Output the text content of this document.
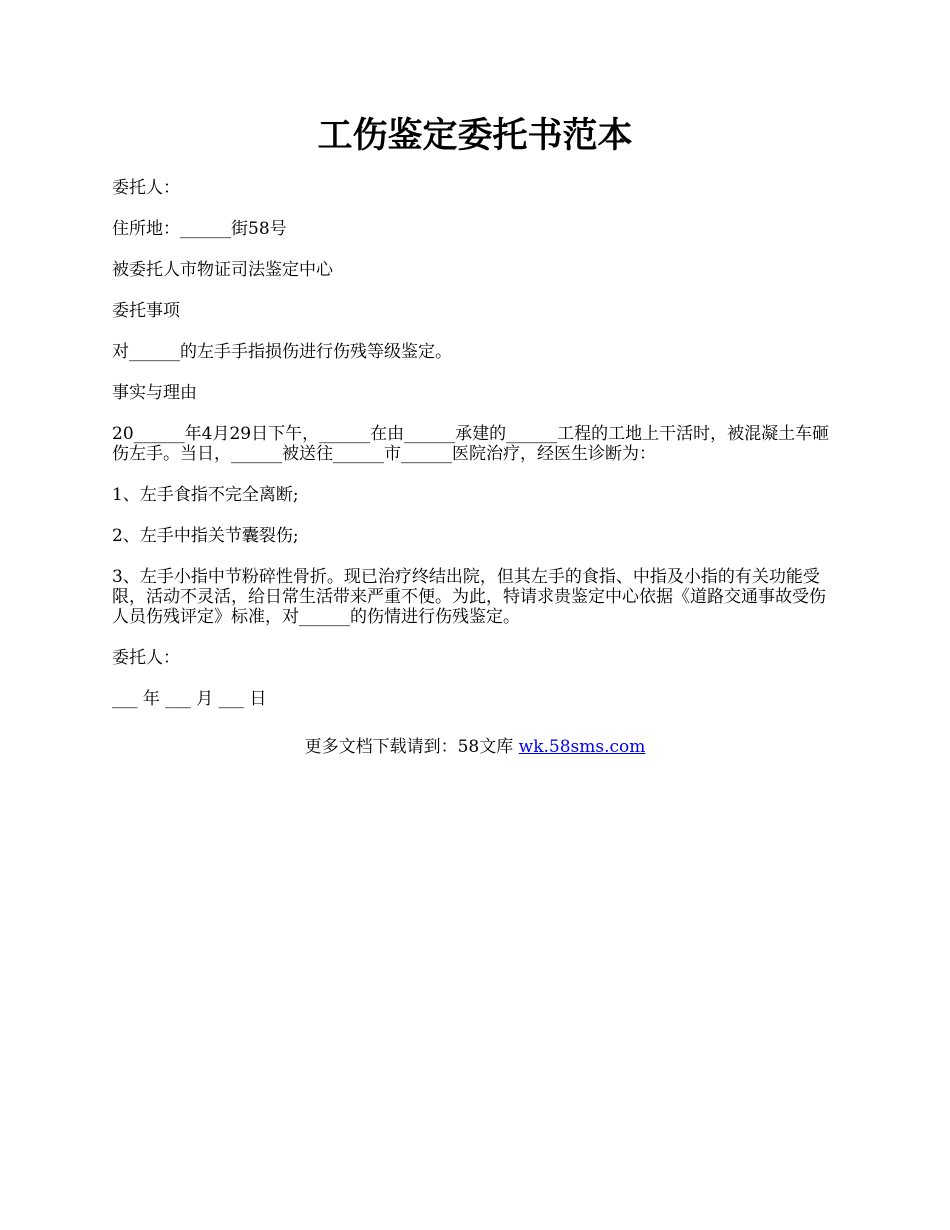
工伤鉴定委托书范本

委托人：

住所地：______街58号

被委托人市物证司法鉴定中心

委托事项

对______的左手手指损伤进行伤残等级鉴定。

事实与理由

20______年4月29日下午，______在由______承建的______工程的工地上干活时，被混凝土车砸伤左手。当日，______被送往______市______医院治疗，经医生诊断为：

1、左手食指不完全离断;

2、左手中指关节囊裂伤;

3、左手小指中节粉碎性骨折。现已治疗终结出院，但其左手的食指、中指及小指的有关功能受限，活动不灵活，给日常生活带来严重不便。为此，特请求贵鉴定中心依据《道路交通事故受伤人员伤残评定》标准，对______的伤情进行伤残鉴定。

委托人：

___ 年 ___ 月 ___ 日

更多文档下载请到：58文库 wk.58sms.com
